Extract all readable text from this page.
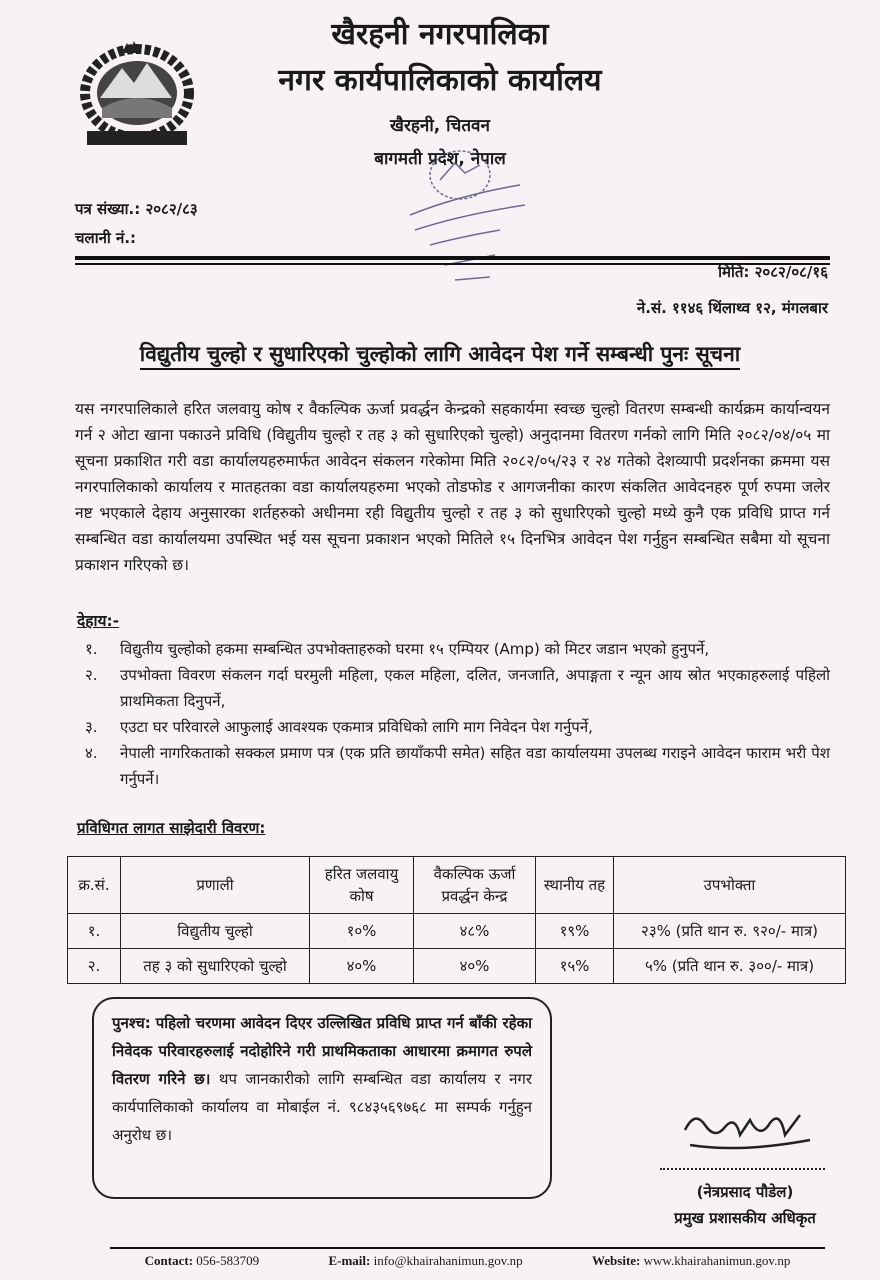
खैरहनी नगरपालिका
नगर कार्यपालिकाको कार्यालय
खैरहनी, चितवन
बागमती प्रदेश, नेपाल
पत्र संख्या.: २०८२/८३
चलानी नं.:
मिति: २०८२/०८/१६
ने.सं. ११४६ थिंलाथ्व १२, मंगलबार
विद्युतीय चुल्हो र सुधारिएको चुल्होको लागि आवेदन पेश गर्ने सम्बन्धी पुनः सूचना
यस नगरपालिकाले हरित जलवायु कोष र वैकल्पिक ऊर्जा प्रवर्द्धन केन्द्रको सहकार्यमा स्वच्छ चुल्हो वितरण सम्बन्धी कार्यक्रम कार्यान्वयन गर्न २ ओटा खाना पकाउने प्रविधि (विद्युतीय चुल्हो र तह ३ को सुधारिएको चुल्हो) अनुदानमा वितरण गर्नको लागि मिति २०८२/०४/०५ मा सूचना प्रकाशित गरी वडा कार्यालयहरुमार्फत आवेदन संकलन गरेकोमा मिति २०८२/०५/२३ र २४ गतेको देशव्यापी प्रदर्शनका क्रममा यस नगरपालिकाको कार्यालय र मातहतका वडा कार्यालयहरुमा भएको तोडफोड र आगजनीका कारण संकलित आवेदनहरु पूर्ण रुपमा जलेर नष्ट भएकाले देहाय अनुसारका शर्तहरुको अधीनमा रही विद्युतीय चुल्हो र तह ३ को सुधारिएको चुल्हो मध्ये कुनै एक प्रविधि प्राप्त गर्न सम्बन्धित वडा कार्यालयमा उपस्थित भई यस सूचना प्रकाशन भएको मितिले १५ दिनभित्र आवेदन पेश गर्नुहुन सम्बन्धित सबैमा यो सूचना प्रकाशन गरिएको छ।
देहाय:-
१.	विद्युतीय चुल्होको हकमा सम्बन्धित उपभोक्ताहरुको घरमा १५ एम्पियर (Amp) को मिटर जडान भएको हुनुपर्ने,
२.	उपभोक्ता विवरण संकलन गर्दा घरमुली महिला, एकल महिला, दलित, जनजाति, अपाङ्गता र न्यून आय स्रोत भएकाहरुलाई पहिलो प्राथमिकता दिनुपर्ने,
३.	एउटा घर परिवारले आफुलाई आवश्यक एकमात्र प्रविधिको लागि माग निवेदन पेश गर्नुपर्ने,
४.	नेपाली नागरिकताको सक्कल प्रमाण पत्र (एक प्रति छायाँकपी समेत) सहित वडा कार्यालयमा उपलब्ध गराइने आवेदन फाराम भरी पेश गर्नुपर्ने।
प्रविधिगत लागत साझेदारी विवरण:
क्र.सं.	प्रणाली	हरित जलवायु कोष	वैकल्पिक ऊर्जा प्रवर्द्धन केन्द्र	स्थानीय तह	उपभोक्ता
१.	विद्युतीय चुल्हो	१०%	४८%	१९%	२३% (प्रति थान रु. ९२०/- मात्र)
२.	तह ३ को सुधारिएको चुल्हो	४०%	४०%	१५%	५% (प्रति थान रु. ३००/- मात्र)
पुनश्च: पहिलो चरणमा आवेदन दिएर उल्लिखित प्रविधि प्राप्त गर्न बाँकी रहेका निवेदक परिवारहरुलाई नदोहोरिने गरी प्राथमिकताका आधारमा क्रमागत रुपले वितरण गरिने छ। थप जानकारीको लागि सम्बन्धित वडा कार्यालय र नगर कार्यपालिकाको कार्यालय वा मोबाईल नं. ९८४३५६९७६८ मा सम्पर्क गर्नुहुन अनुरोध छ।
(नेत्रप्रसाद पौडेल)
प्रमुख प्रशासकीय अधिकृत
Contact: 056-583709	E-mail: info@khairahanimun.gov.np	Website: www.khairahanimun.gov.np
